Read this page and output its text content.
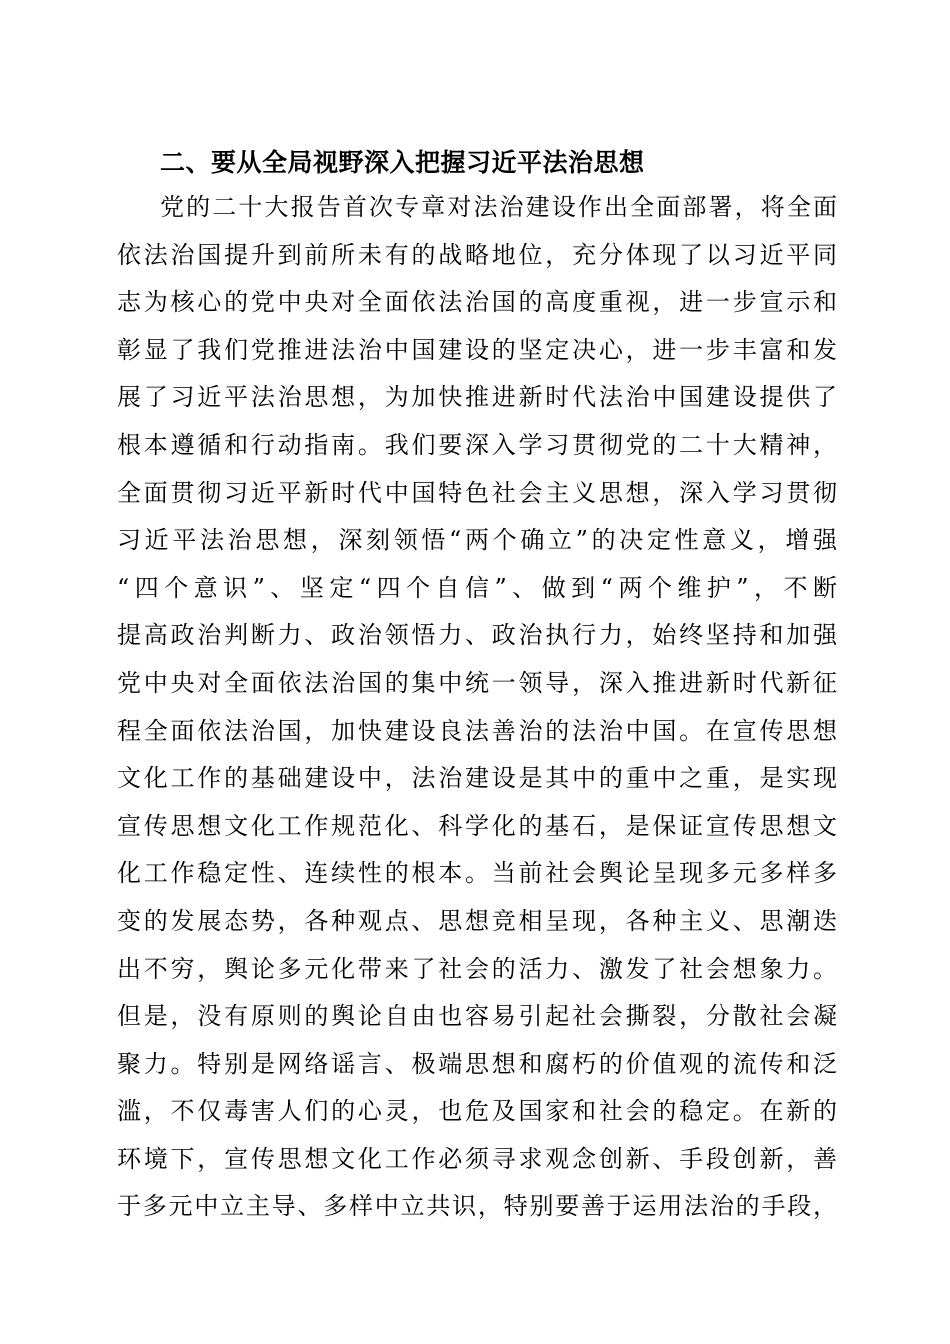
二、要从全局视野深入把握习近平法治思想
党的二十大报告首次专章对法治建设作出全面部署，将全面
依法治国提升到前所未有的战略地位，充分体现了以习近平同
志为核心的党中央对全面依法治国的高度重视，进一步宣示和
彰显了我们党推进法治中国建设的坚定决心，进一步丰富和发
展了习近平法治思想，为加快推进新时代法治中国建设提供了
根本遵循和行动指南。我们要深入学习贯彻党的二十大精神，
全面贯彻习近平新时代中国特色社会主义思想，深入学习贯彻
习近平法治思想，深刻领悟“两个确立”的决定性意义，增强
“四个意识”、坚定“四个自信”、做到“两个维护”，不断
提高政治判断力、政治领悟力、政治执行力，始终坚持和加强
党中央对全面依法治国的集中统一领导，深入推进新时代新征
程全面依法治国，加快建设良法善治的法治中国。在宣传思想
文化工作的基础建设中，法治建设是其中的重中之重，是实现
宣传思想文化工作规范化、科学化的基石，是保证宣传思想文
化工作稳定性、连续性的根本。当前社会舆论呈现多元多样多
变的发展态势，各种观点、思想竞相呈现，各种主义、思潮迭
出不穷，舆论多元化带来了社会的活力、激发了社会想象力。
但是，没有原则的舆论自由也容易引起社会撕裂，分散社会凝
聚力。特别是网络谣言、极端思想和腐朽的价值观的流传和泛
滥，不仅毒害人们的心灵，也危及国家和社会的稳定。在新的
环境下，宣传思想文化工作必须寻求观念创新、手段创新，善
于多元中立主导、多样中立共识，特别要善于运用法治的手段，
